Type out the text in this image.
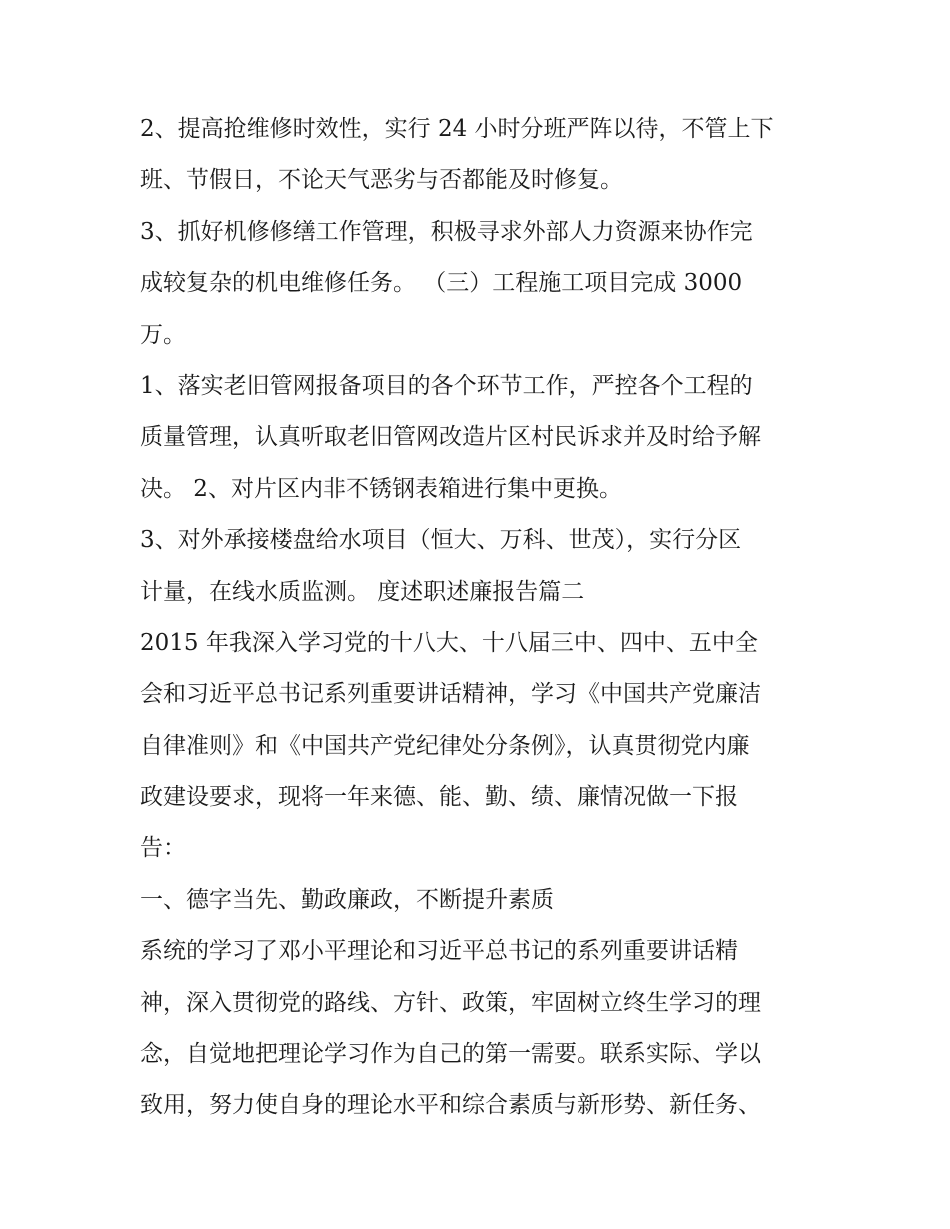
2、提高抢维修时效性，实行 24 小时分班严阵以待，不管上下
班、节假日，不论天气恶劣与否都能及时修复。
3、抓好机修修缮工作管理，积极寻求外部人力资源来协作完
成较复杂的机电维修任务。 （三）工程施工项目完成 3000
万。
1、落实老旧管网报备项目的各个环节工作，严控各个工程的
质量管理，认真听取老旧管网改造片区村民诉求并及时给予解
决。 2、对片区内非不锈钢表箱进行集中更换。
3、对外承接楼盘给水项目（恒大、万科、世茂），实行分区
计量，在线水质监测。 度述职述廉报告篇二
2015 年我深入学习党的十八大、十八届三中、四中、五中全
会和习近平总书记系列重要讲话精神，学习《中国共产党廉洁
自律准则》和《中国共产党纪律处分条例》，认真贯彻党内廉
政建设要求，现将一年来德、能、勤、绩、廉情况做一下报
告：
一、德字当先、勤政廉政，不断提升素质
系统的学习了邓小平理论和习近平总书记的系列重要讲话精
神，深入贯彻党的路线、方针、政策，牢固树立终生学习的理
念，自觉地把理论学习作为自己的第一需要。联系实际、学以
致用，努力使自身的理论水平和综合素质与新形势、新任务、
